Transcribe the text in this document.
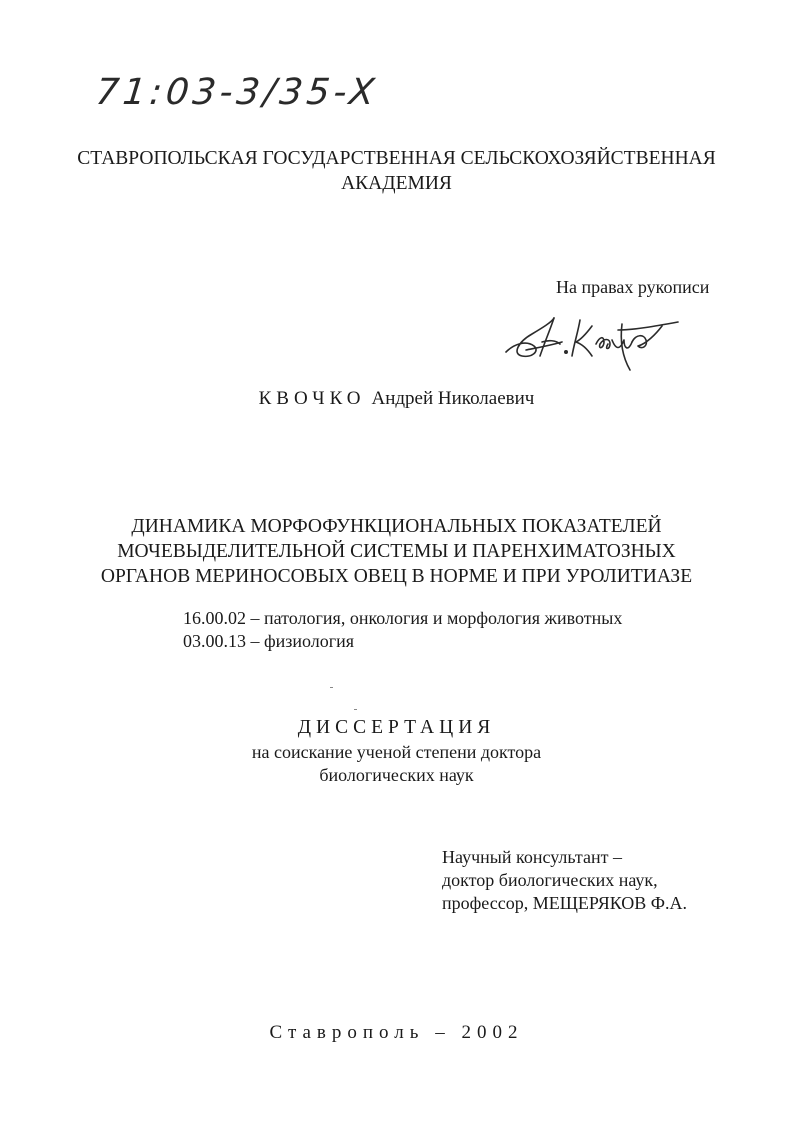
71:03-3/35-X
СТАВРОПОЛЬСКАЯ ГОСУДАРСТВЕННАЯ СЕЛЬСКОХОЗЯЙСТВЕННАЯ
АКАДЕМИЯ
На правах рукописи
КВОЧКО Андрей Николаевич
ДИНАМИКА МОРФОФУНКЦИОНАЛЬНЫХ ПОКАЗАТЕЛЕЙ
МОЧЕВЫДЕЛИТЕЛЬНОЙ СИСТЕМЫ И ПАРЕНХИМАТОЗНЫХ
ОРГАНОВ МЕРИНОСОВЫХ ОВЕЦ В НОРМЕ И ПРИ УРОЛИТИАЗЕ
16.00.02 – патология, онкология и морфология животных
03.00.13 – физиология
ДИССЕРТАЦИЯ
на соискание ученой степени доктора
биологических наук
Научный консультант –
доктор биологических наук,
профессор, МЕЩЕРЯКОВ Ф.А.
Ставрополь – 2002
